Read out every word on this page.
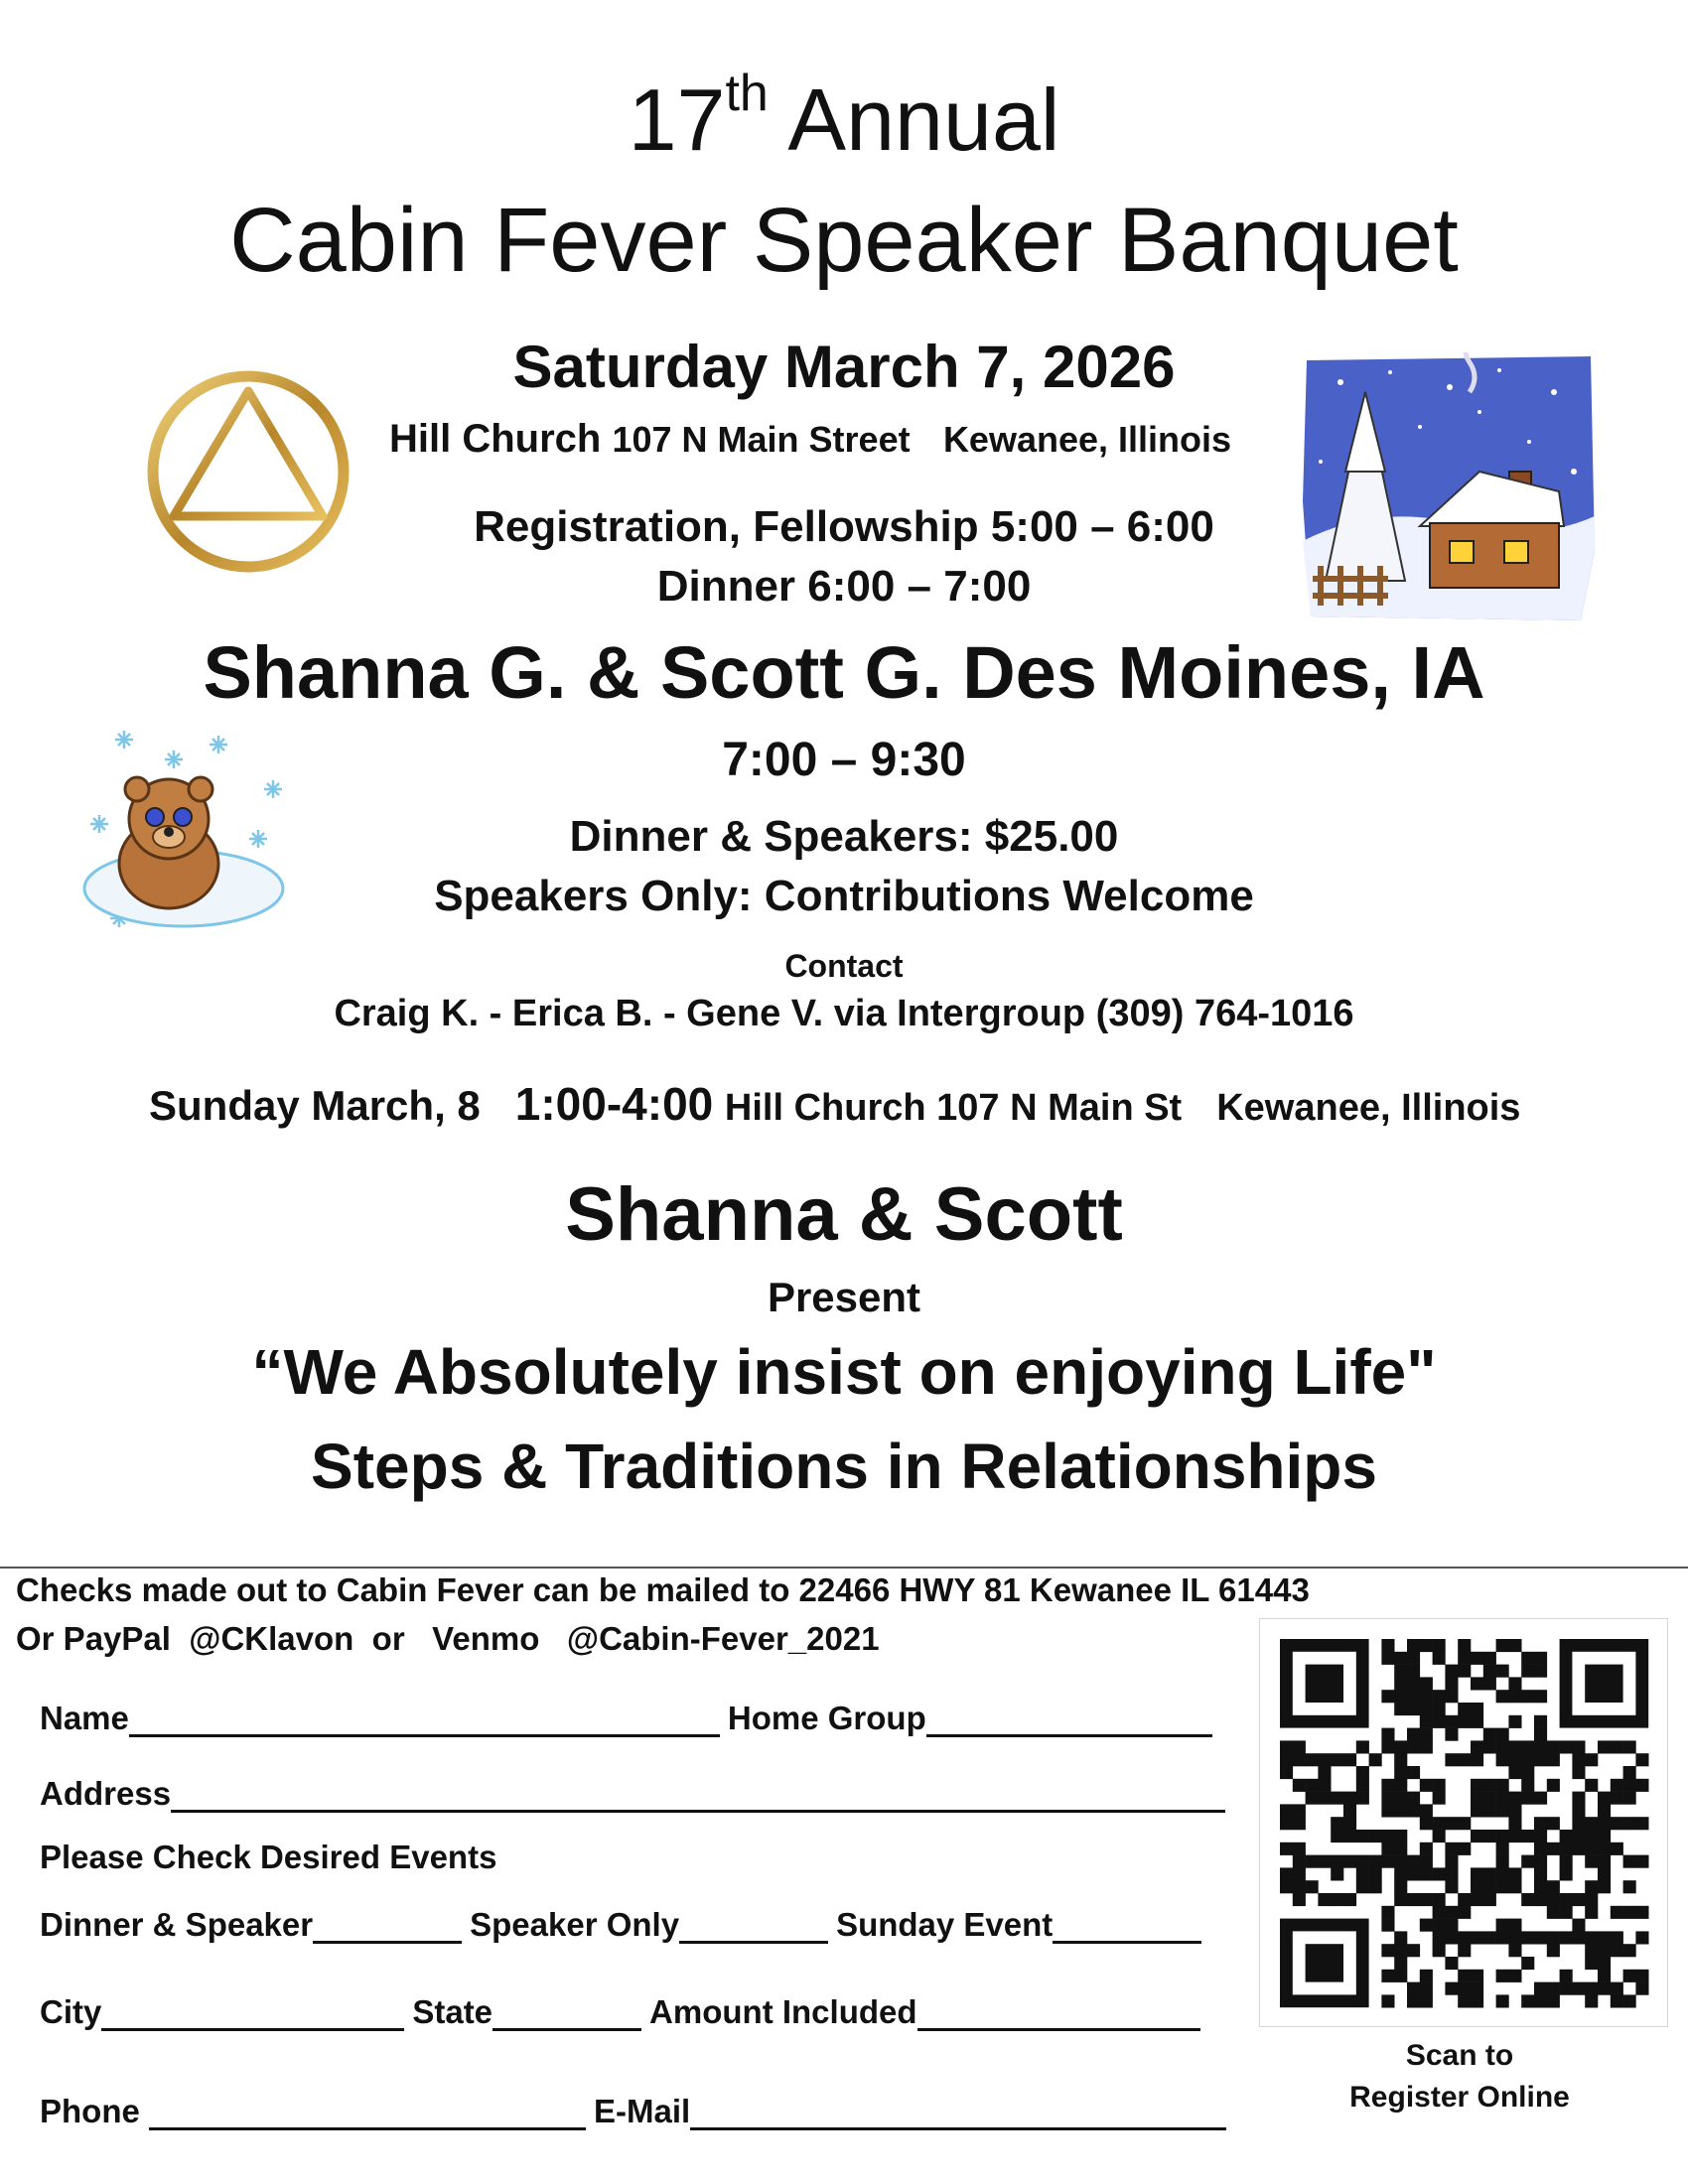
17th Annual
Cabin Fever Speaker Banquet
Saturday March 7, 2026
Hill Church 107 N Main Street Kewanee, Illinois
Registration, Fellowship 5:00 – 6:00
Dinner 6:00 – 7:00
Shanna G. & Scott G. Des Moines, IA
7:00 – 9:30
Dinner & Speakers: $25.00
Speakers Only: Contributions Welcome
Contact
Craig K. - Erica B. - Gene V. via Intergroup (309) 764-1016
Sunday March, 8 1:00-4:00 Hill Church 107 N Main St Kewanee, Illinois
Shanna & Scott
Present
“We Absolutely insist on enjoying Life"
Steps & Traditions in Relationships
Checks made out to Cabin Fever can be mailed to 22466 HWY 81 Kewanee IL 61443
Or PayPal @CKlavon or Venmo @Cabin-Fever_2021
Name	Home Group
Address
Please Check Desired Events
Dinner & Speaker	Speaker Only	Sunday Event
City	State	Amount Included
Phone
	E-Mail
Scan to
Register Online
